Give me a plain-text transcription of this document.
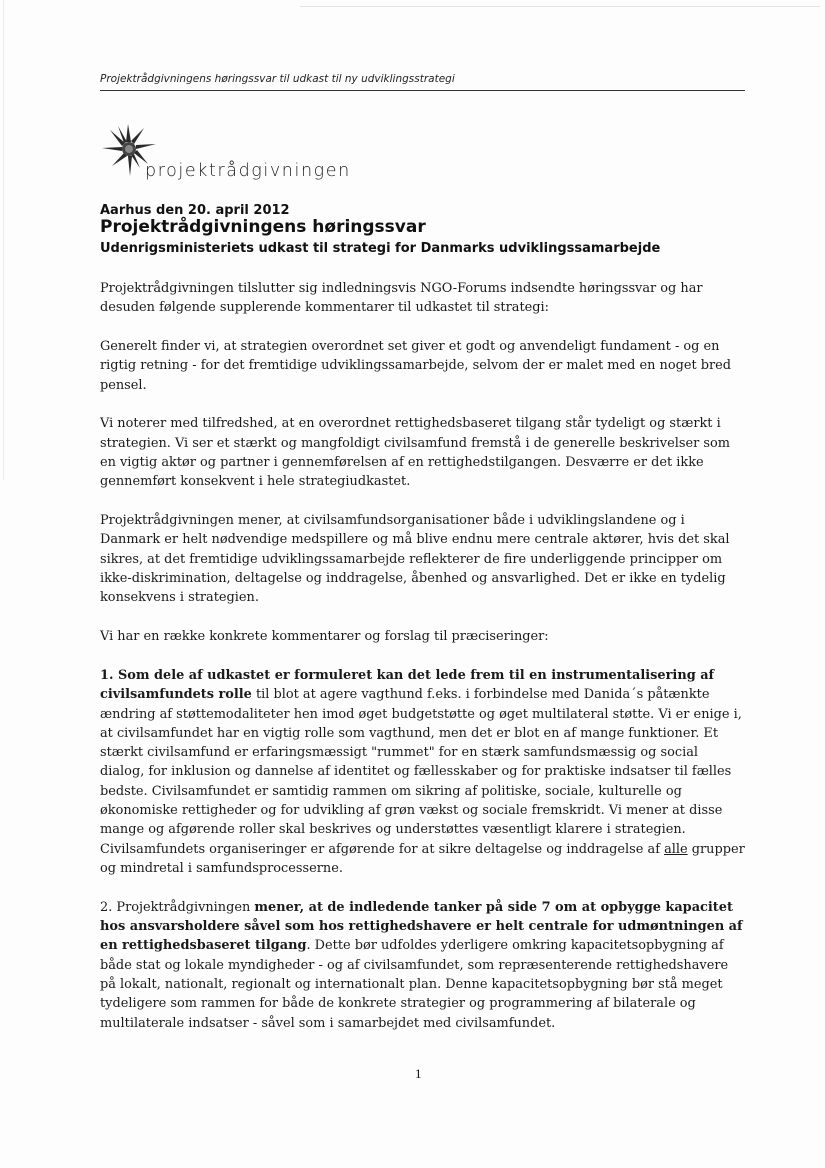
Projektrådgivningens høringssvar til udkast til ny udviklingsstrategi
projektrådgivningen
Aarhus den 20. april 2012
Projektrådgivningens høringssvar
Udenrigsministeriets udkast til strategi for Danmarks udviklingssamarbejde

Projektrådgivningen tilslutter sig indledningsvis NGO-Forums indsendte høringssvar og har desuden følgende supplerende kommentarer til udkastet til strategi:

Generelt finder vi, at strategien overordnet set giver et godt og anvendeligt fundament - og en rigtig retning - for det fremtidige udviklingssamarbejde, selvom der er malet med en noget bred pensel.

Vi noterer med tilfredshed, at en overordnet rettighedsbaseret tilgang står tydeligt og stærkt i strategien. Vi ser et stærkt og mangfoldigt civilsamfund fremstå i de generelle beskrivelser som en vigtig aktør og partner i gennemførelsen af en rettighedstilgangen. Desværre er det ikke gennemført konsekvent i hele strategiudkastet.

Projektrådgivningen mener, at civilsamfundsorganisationer både i udviklingslandene og i Danmark er helt nødvendige medspillere og må blive endnu mere centrale aktører, hvis det skal sikres, at det fremtidige udviklingssamarbejde reflekterer de fire underliggende principper om ikke-diskrimination, deltagelse og inddragelse, åbenhed og ansvarlighed. Det er ikke en tydelig konsekvens i strategien.

Vi har en række konkrete kommentarer og forslag til præciseringer:

1. Som dele af udkastet er formuleret kan det lede frem til en instrumentalisering af civilsamfundets rolle til blot at agere vagthund f.eks. i forbindelse med Danida´s påtænkte ændring af støttemodaliteter hen imod øget budgetstøtte og øget multilateral støtte. Vi er enige i, at civilsamfundet har en vigtig rolle som vagthund, men det er blot en af mange funktioner. Et stærkt civilsamfund er erfaringsmæssigt "rummet" for en stærk samfundsmæssig og social dialog, for inklusion og dannelse af identitet og fællesskaber og for praktiske indsatser til fælles bedste. Civilsamfundet er samtidig rammen om sikring af politiske, sociale, kulturelle og økonomiske rettigheder og for udvikling af grøn vækst og sociale fremskridt. Vi mener at disse mange og afgørende roller skal beskrives og understøttes væsentligt klarere i strategien. Civilsamfundets organiseringer er afgørende for at sikre deltagelse og inddragelse af alle grupper og mindretal i samfundsprocesserne.

2. Projektrådgivningen mener, at de indledende tanker på side 7 om at opbygge kapacitet hos ansvarsholdere såvel som hos rettighedshavere er helt centrale for udmøntningen af en rettighedsbaseret tilgang. Dette bør udfoldes yderligere omkring kapacitetsopbygning af både stat og lokale myndigheder - og af civilsamfundet, som repræsenterende rettighedshavere på lokalt, nationalt, regionalt og internationalt plan. Denne kapacitetsopbygning bør stå meget tydeligere som rammen for både de konkrete strategier og programmering af bilaterale og multilaterale indsatser - såvel som i samarbejdet med civilsamfundet.

1
